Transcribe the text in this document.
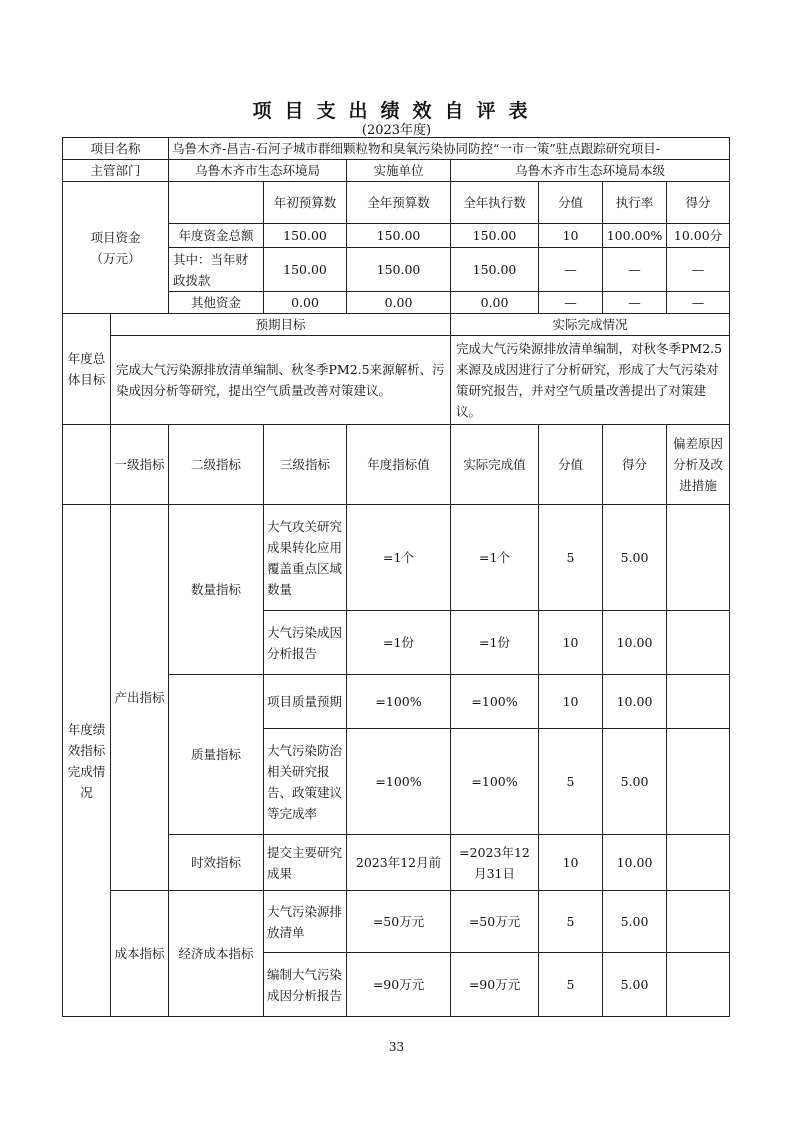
项目支出绩效自评表
(2023年度)
项目名称		乌鲁木齐-昌吉-石河子城市群细颗粒物和臭氧污染协同防控“一市一策”驻点跟踪研究项目-						
主管部门		乌鲁木齐市生态环境局		实施单位	乌鲁木齐市生态环境局本级			
项目资金
（万元）			年初预算数	全年预算数	全年执行数	分值	执行率	得分
		年度资金总额	150.00	150.00	150.00	10	100.00%	10.00分
		其中：当年财政拨款	150.00	150.00	150.00	—	—	—
		其他资金	0.00	0.00	0.00	—	—	—
年度总体目标	预期目标				实际完成情况			
	完成大气污染源排放清单编制、秋冬季PM2.5来源解析、污染成因分析等研究，提出空气质量改善对策建议。				完成大气污染源排放清单编制，对秋冬季PM2.5来源及成因进行了分析研究，形成了大气污染对策研究报告，并对空气质量改善提出了对策建议。			
	一级指标	二级指标	三级指标	年度指标值	实际完成值	分值	得分	偏差原因分析及改进措施
年度绩效指标完成情况	产出指标	数量指标	大气攻关研究成果转化应用覆盖重点区域数量	=1个	=1个	5	5.00	
			大气污染成因分析报告	=1份	=1份	10	10.00	
		质量指标	项目质量预期	=100%	=100%	10	10.00	
			大气污染防治相关研究报告、政策建议等完成率	=100%	=100%	5	5.00	
		时效指标	提交主要研究成果	2023年12月前	=2023年12月31日	10	10.00	
	成本指标	经济成本指标	大气污染源排放清单	=50万元	=50万元	5	5.00	
			编制大气污染成因分析报告	=90万元	=90万元	5	5.00	
33
